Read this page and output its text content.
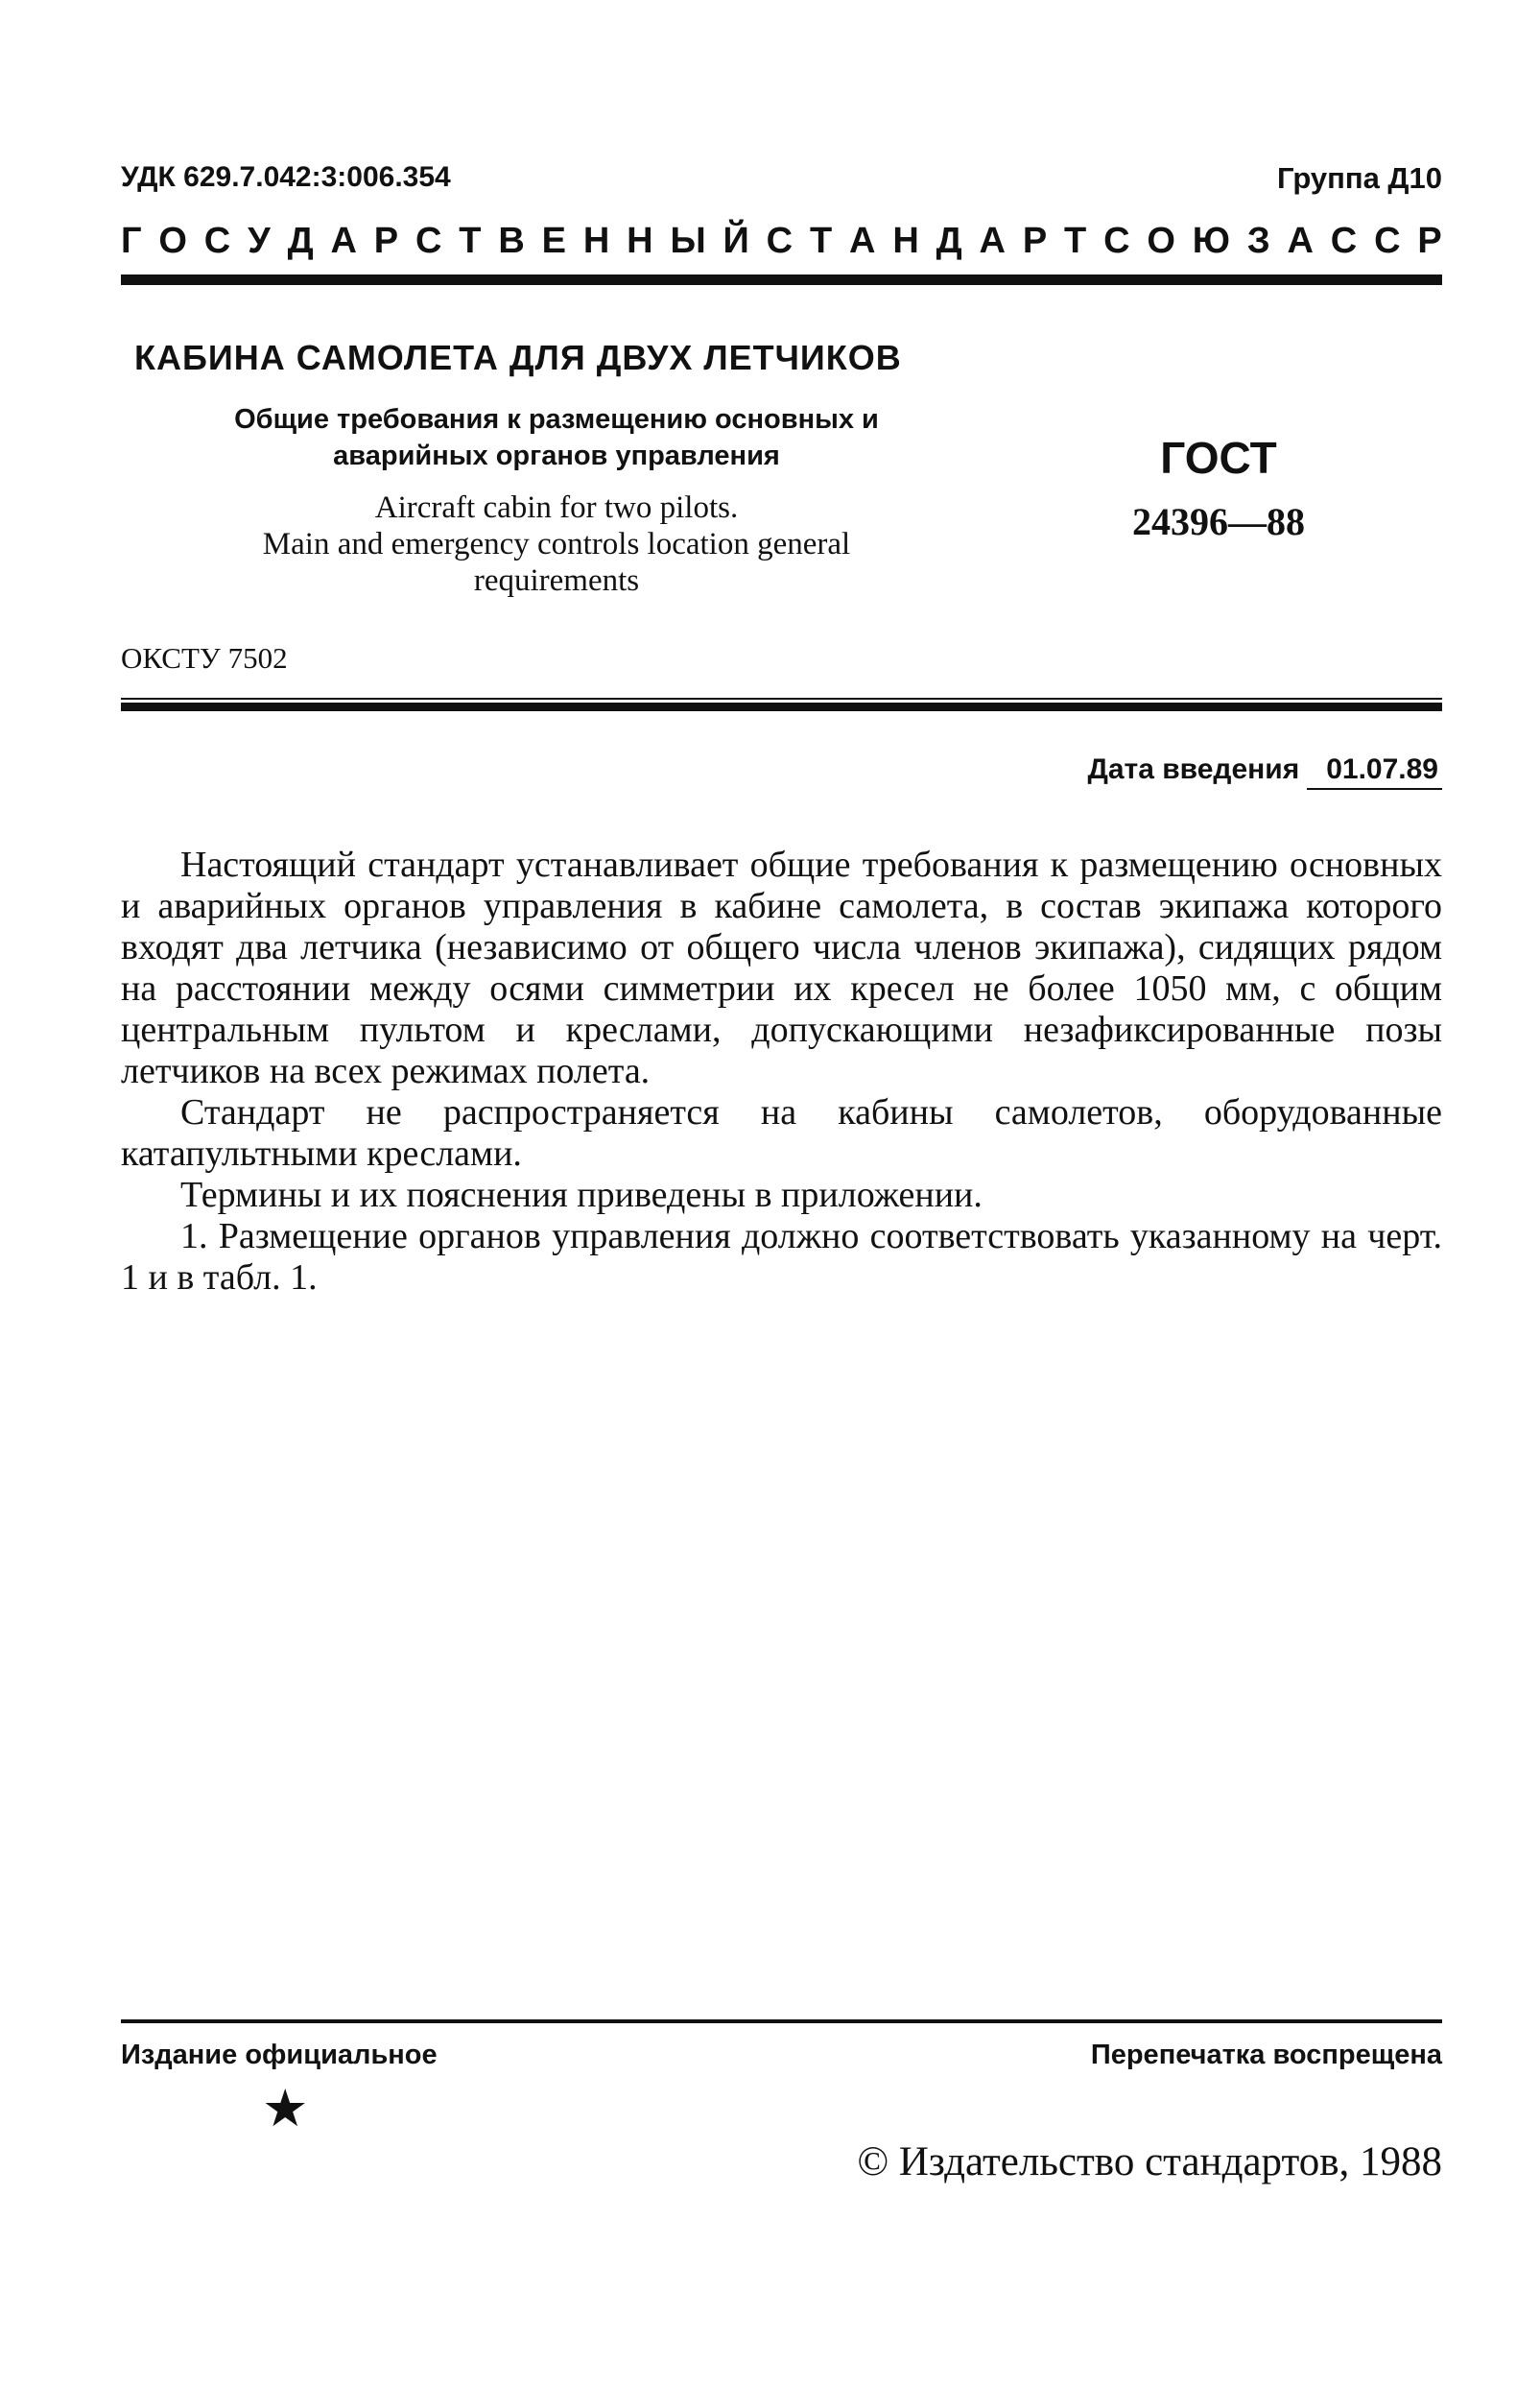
УДК 629.7.042:3:006.354	Группа Д10
Г О С У Д А Р С Т В Е Н Н Ы Й С Т А Н Д А Р Т С О Ю З А С С Р
КАБИНА САМОЛЕТА ДЛЯ ДВУХ ЛЕТЧИКОВ
Общие требования к размещению основных и
аварийных органов управления
Aircraft cabin for two pilots.
Main and emergency controls location general
requirements
ГОСТ
24396—88
ОКСТУ 7502
Дата введения 01.07.89

Настоящий стандарт устанавливает общие требования к размещению основных и аварийных органов управления в кабине самолета, в состав экипажа которого входят два летчика (независимо от общего числа членов экипажа), сидящих рядом на расстоянии между осями симметрии их кресел не более 1050 мм, с общим центральным пультом и креслами, допускающими незафиксированные позы летчиков на всех режимах полета.

Стандарт не распространяется на кабины самолетов, оборудованные катапультными креслами.

Термины и их пояснения приведены в приложении.

1. Размещение органов управления должно соответствовать указанному на черт. 1 и в табл. 1.

Издание официальное	Перепечатка воспрещена
★
© Издательство стандартов, 1988
